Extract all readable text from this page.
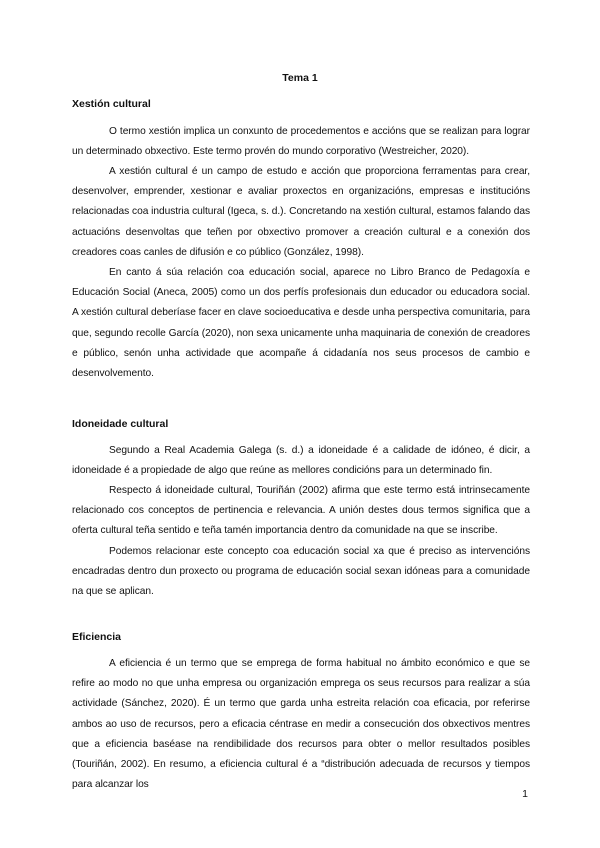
Tema 1
Xestión cultural

O termo xestión implica un conxunto de procedementos e accións que se realizan para lograr un determinado obxectivo. Este termo provén do mundo corporativo (Westreicher, 2020).

A xestión cultural é un campo de estudo e acción que proporciona ferramentas para crear, desenvolver, emprender, xestionar e avaliar proxectos en organizacións, empresas e institucións relacionadas coa industria cultural (Igeca, s. d.). Concretando na xestión cultural, estamos falando das actuacións desenvoltas que teñen por obxectivo promover a creación cultural e a conexión dos creadores coas canles de difusión e co público (González, 1998).

En canto á súa relación coa educación social, aparece no Libro Branco de Pedagoxía e Educación Social (Aneca, 2005) como un dos perfís profesionais dun educador ou educadora social. A xestión cultural deberíase facer en clave socioeducativa e desde unha perspectiva comunitaria, para que, segundo recolle García (2020), non sexa unicamente unha maquinaria de conexión de creadores e público, senón unha actividade que acompañe á cidadanía nos seus procesos de cambio e desenvolvemento.

Idoneidade cultural

Segundo a Real Academia Galega (s. d.) a idoneidade é a calidade de idóneo, é dicir, a idoneidade é a propiedade de algo que reúne as mellores condicións para un determinado fin.

Respecto á idoneidade cultural, Touriñán (2002) afirma que este termo está intrinsecamente relacionado cos conceptos de pertinencia e relevancia. A unión destes dous termos significa que a oferta cultural teña sentido e teña tamén importancia dentro da comunidade na que se inscribe.

Podemos relacionar este concepto coa educación social xa que é preciso as intervencións encadradas dentro dun proxecto ou programa de educación social sexan idóneas para a comunidade na que se aplican.

Eficiencia

A eficiencia é un termo que se emprega de forma habitual no ámbito económico e que se refire ao modo no que unha empresa ou organización emprega os seus recursos para realizar a súa actividade (Sánchez, 2020). É un termo que garda unha estreita relación coa eficacia, por referirse ambos ao uso de recursos, pero a eficacia céntrase en medir a consecución dos obxectivos mentres que a eficiencia baséase na rendibilidade dos recursos para obter o mellor resultados posibles (Touriñán, 2002). En resumo, a eficiencia cultural é a “distribución adecuada de recursos y tiempos para alcanzar los

1
